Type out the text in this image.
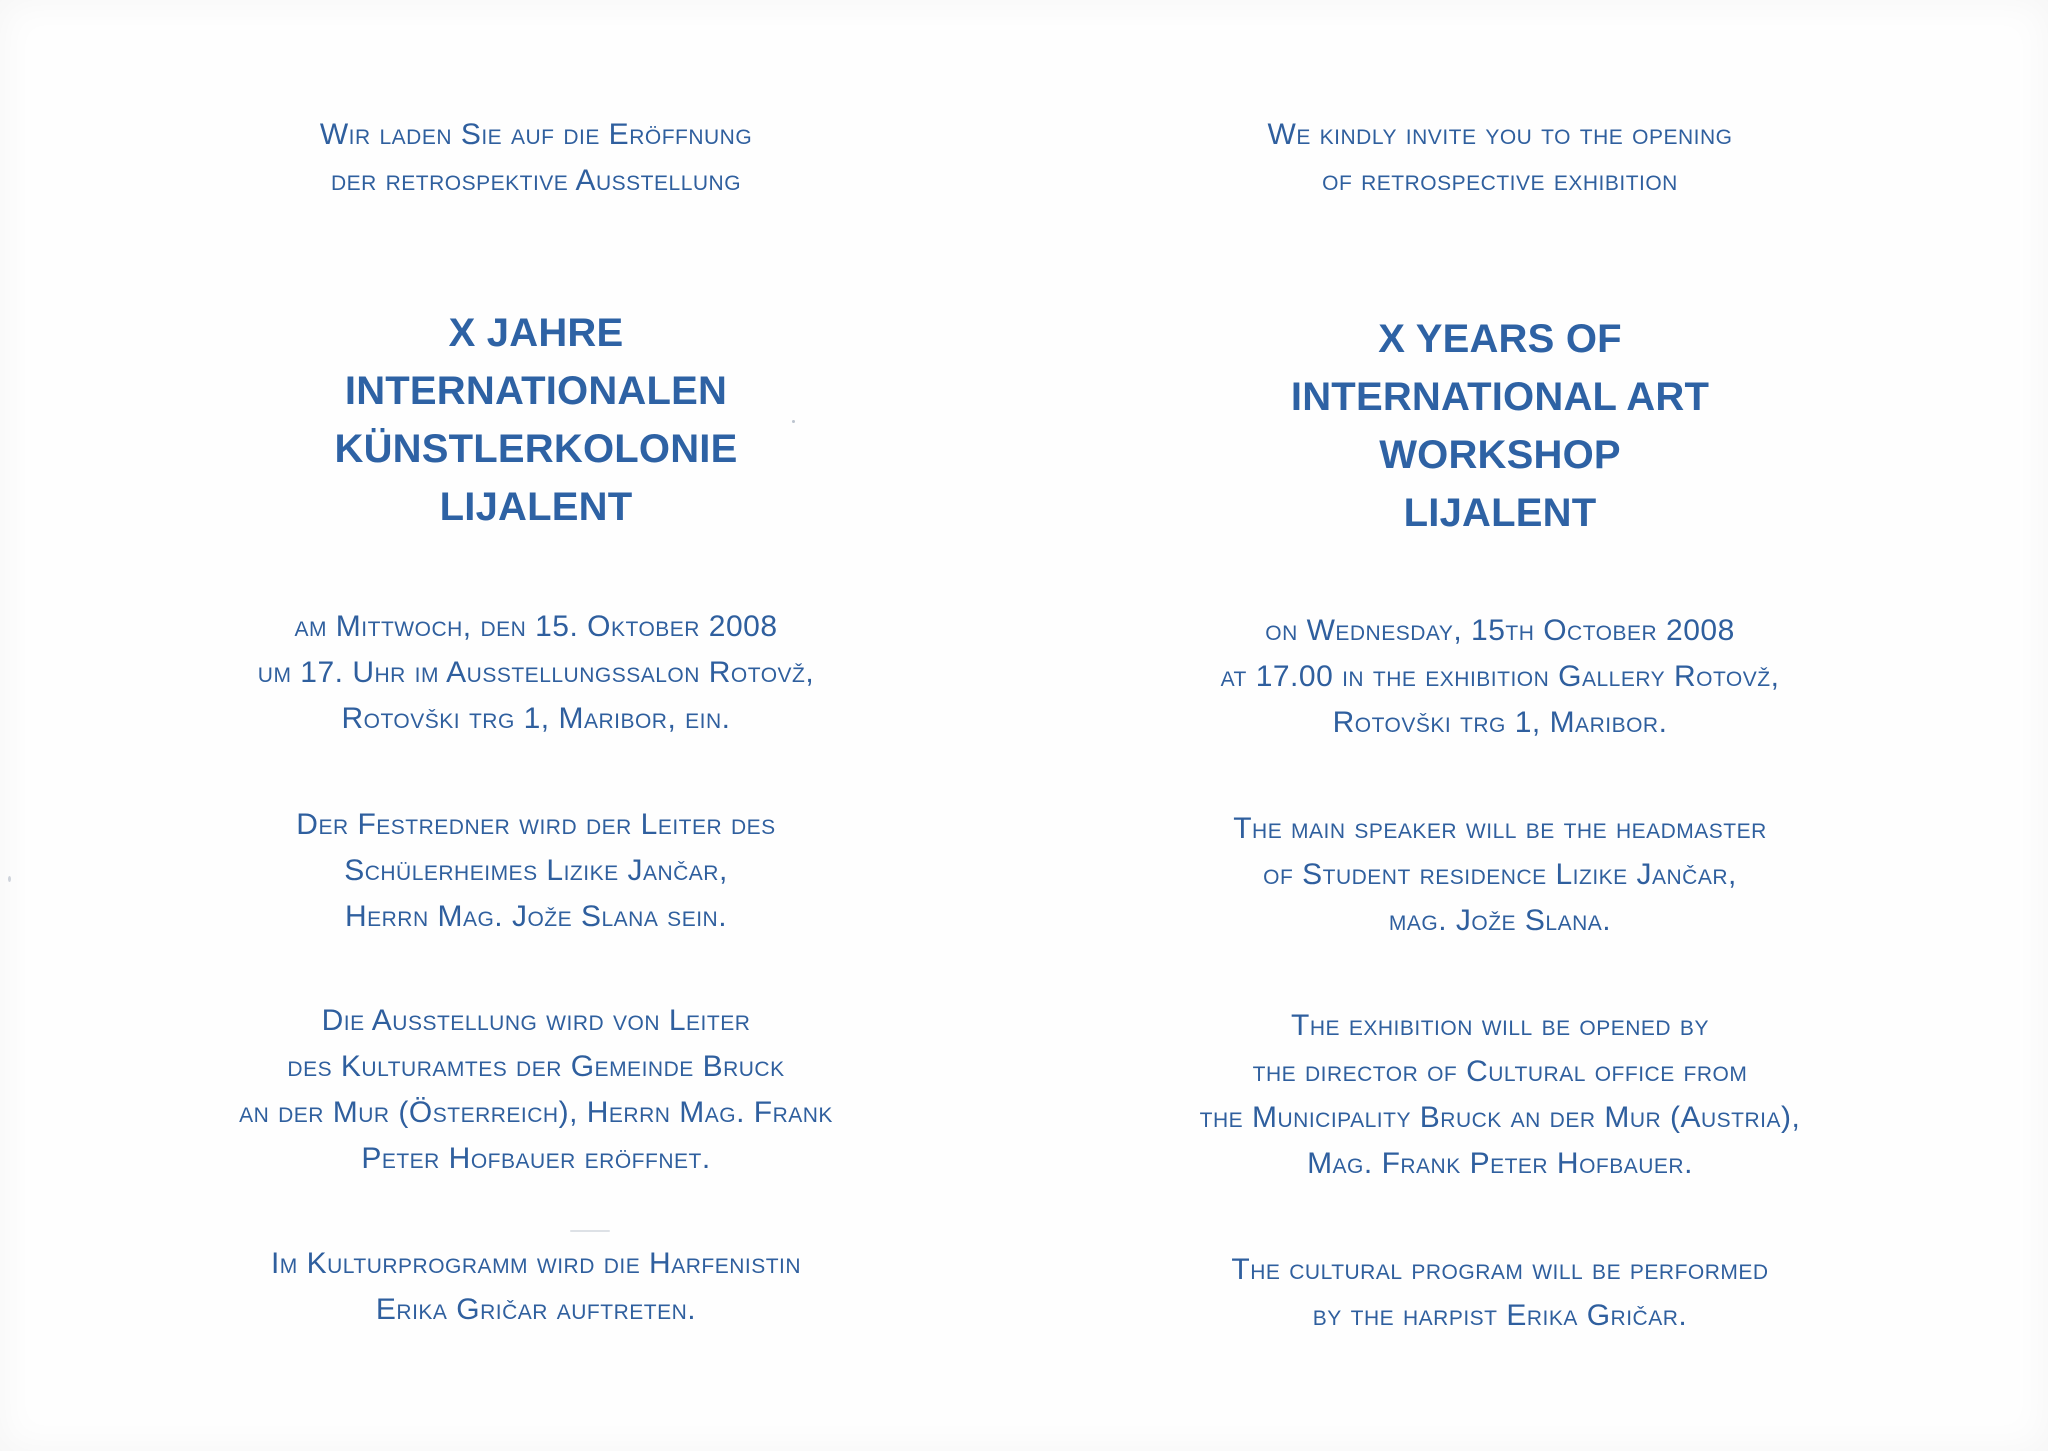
Wir laden Sie auf die Eröffnung
der retrospektive Ausstellung
X JAHRE
INTERNATIONALEN
KÜNSTLERKOLONIE
LIJALENT
am Mittwoch, den 15. Oktober 2008
um 17. Uhr im Ausstellungssalon Rotovž,
Rotovški trg 1, Maribor, ein.
Der Festredner wird der Leiter des
Schülerheimes Lizike Jančar,
Herrn Mag. Jože Slana sein.
Die Ausstellung wird von Leiter
des Kulturamtes der Gemeinde Bruck
an der Mur (Österreich), Herrn Mag. Frank
Peter Hofbauer eröffnet.
Im Kulturprogramm wird die Harfenistin
Erika Gričar auftreten.
We kindly invite you to the opening
of retrospective exhibition
X YEARS OF
INTERNATIONAL ART
WORKSHOP
LIJALENT
on Wednesday, 15th October 2008
at 17.00 in the exhibition Gallery Rotovž,
Rotovški trg 1, Maribor.
The main speaker will be the headmaster
of Student residence Lizike Jančar,
mag. Jože Slana.
The exhibition will be opened by
the director of Cultural office from
the Municipality Bruck an der Mur (Austria),
Mag. Frank Peter Hofbauer.
The cultural program will be performed
by the harpist Erika Gričar.
